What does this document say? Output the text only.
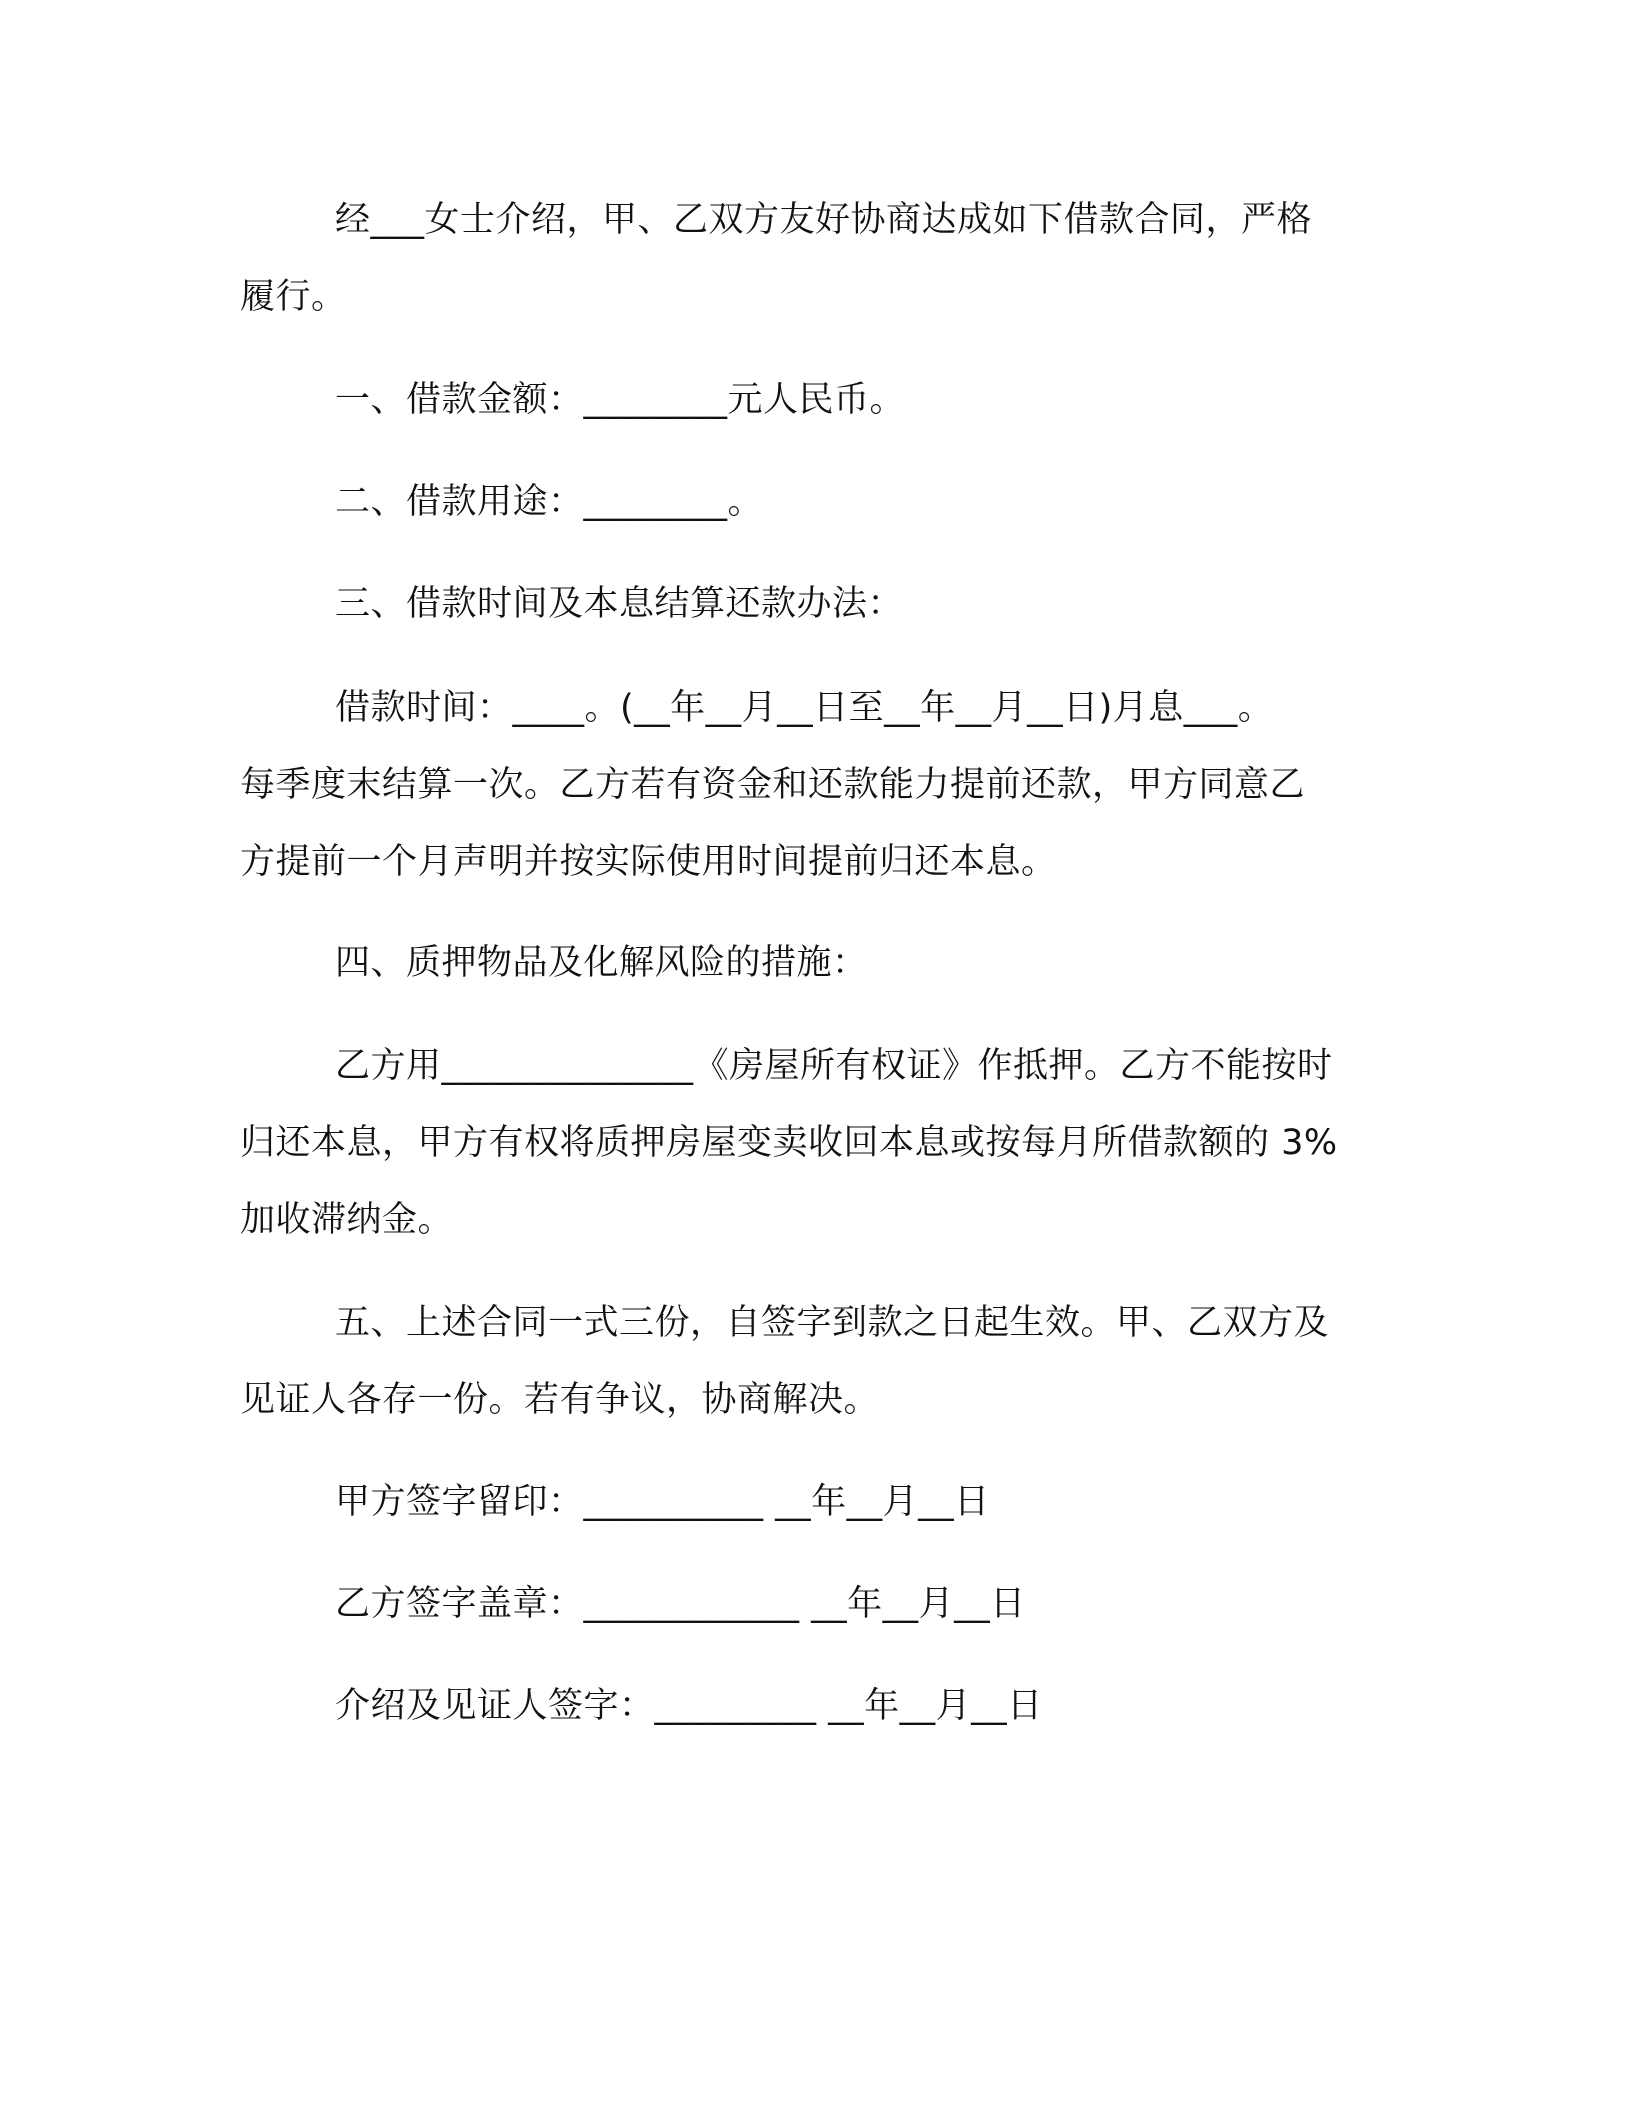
经___女士介绍，甲、乙双方友好协商达成如下借款合同，严格
履行。
一、借款金额：________元人民币。
二、借款用途：________。
三、借款时间及本息结算还款办法：
借款时间：____。(__年__月__日至__年__月__日)月息___。
每季度末结算一次。乙方若有资金和还款能力提前还款，甲方同意乙
方提前一个月声明并按实际使用时间提前归还本息。
四、质押物品及化解风险的措施：
乙方用______________《房屋所有权证》作抵押。乙方不能按时
归还本息，甲方有权将质押房屋变卖收回本息或按每月所借款额的 3%
加收滞纳金。
五、上述合同一式三份，自签字到款之日起生效。甲、乙双方及
见证人各存一份。若有争议，协商解决。
甲方签字留印：__________ __年__月__日
乙方签字盖章：____________ __年__月__日
介绍及见证人签字：_________ __年__月__日
